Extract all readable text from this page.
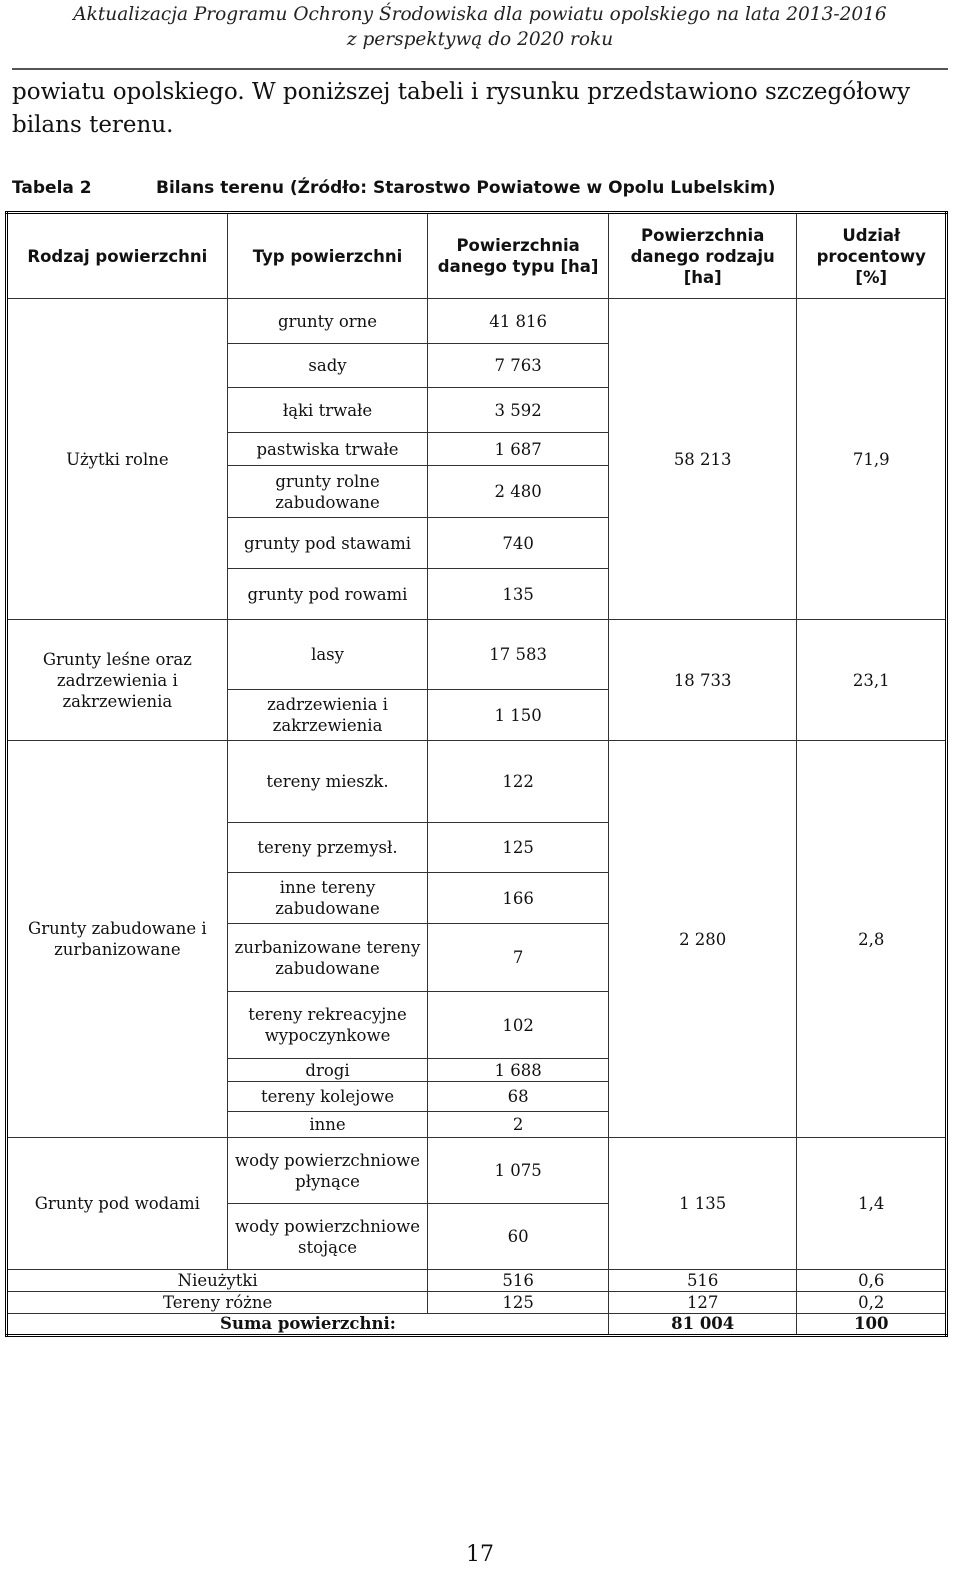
Aktualizacja Programu Ochrony Środowiska dla powiatu opolskiego na lata 2013-2016
z perspektywą do 2020 roku
powiatu opolskiego. W poniższej tabeli i rysunku przedstawiono szczegółowy bilans terenu.
Tabela 2	Bilans terenu (Źródło: Starostwo Powiatowe w Opolu Lubelskim)
Rodzaj powierzchni	Typ powierzchni	Powierzchnia danego typu [ha]	Powierzchnia danego rodzaju [ha]	Udział procentowy [%]
Użytki rolne	grunty orne	41 816	58 213	71,9
	sady	7 763		
	łąki trwałe	3 592		
	pastwiska trwałe	1 687		
	grunty rolne zabudowane	2 480		
	grunty pod stawami	740		
	grunty pod rowami	135		
Grunty leśne oraz zadrzewienia i zakrzewienia	lasy	17 583	18 733	23,1
	zadrzewienia i zakrzewienia	1 150		
Grunty zabudowane i zurbanizowane	tereny mieszk.	122	2 280	2,8
	tereny przemysł.	125		
	inne tereny zabudowane	166		
	zurbanizowane tereny zabudowane	7		
	tereny rekreacyjne wypoczynkowe	102		
	drogi	1 688		
	tereny kolejowe	68		
	inne	2		
Grunty pod wodami	wody powierzchniowe płynące	1 075	1 135	1,4
	wody powierzchniowe stojące	60		
Nieużytki		516	516	0,6
Tereny różne		125	127	0,2
Suma powierzchni:			81 004	100
17
